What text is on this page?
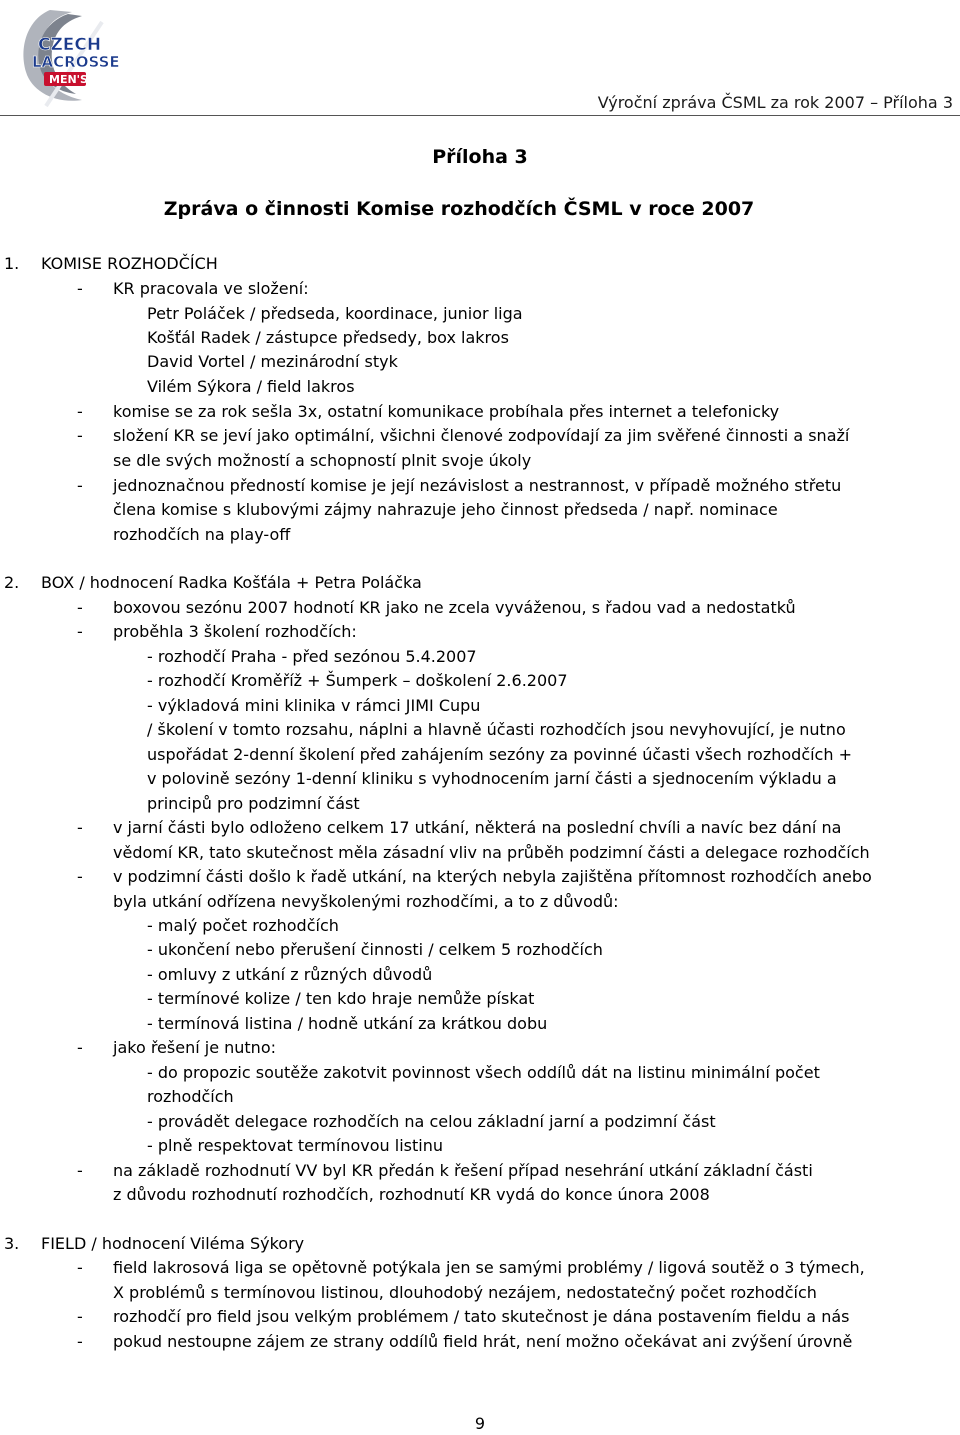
CZECH
LACROSSE
MEN'S
Výroční zpráva ČSML za rok 2007 – Příloha 3
Příloha 3
Zpráva o činnosti Komise rozhodčích ČSML v roce 2007
1. KOMISE ROZHODČÍCH
- KR pracovala ve složení:
Petr Poláček / předseda, koordinace, junior liga
Košťál Radek / zástupce předsedy, box lakros
David Vortel / mezinárodní styk
Vilém Sýkora / field lakros
- komise se za rok sešla 3x, ostatní komunikace probíhala přes internet a telefonicky
- složení KR se jeví jako optimální, všichni členové zodpovídají za jim svěřené činnosti a snaží
se dle svých možností a schopností plnit svoje úkoly
- jednoznačnou předností komise je její nezávislost a nestrannost, v případě možného střetu
člena komise s klubovými zájmy nahrazuje jeho činnost předseda / např. nominace
rozhodčích na play-off
2. BOX / hodnocení Radka Košťála + Petra Poláčka
- boxovou sezónu 2007 hodnotí KR jako ne zcela vyváženou, s řadou vad a nedostatků
- proběhla 3 školení rozhodčích:
- rozhodčí Praha - před sezónou 5.4.2007
- rozhodčí Kroměříž + Šumperk – doškolení 2.6.2007
- výkladová mini klinika v rámci JIMI Cupu
/ školení v tomto rozsahu, náplni a hlavně účasti rozhodčích jsou nevyhovující, je nutno
uspořádat 2-denní školení před zahájením sezóny za povinné účasti všech rozhodčích +
v polovině sezóny 1-denní kliniku s vyhodnocením jarní části a sjednocením výkladu a
principů pro podzimní část
- v jarní části bylo odloženo celkem 17 utkání, některá na poslední chvíli a navíc bez dání na
vědomí KR, tato skutečnost měla zásadní vliv na průběh podzimní části a delegace rozhodčích
- v podzimní části došlo k řadě utkání, na kterých nebyla zajištěna přítomnost rozhodčích anebo
byla utkání odřízena nevyškolenými rozhodčími, a to z důvodů:
- malý počet rozhodčích
- ukončení nebo přerušení činnosti / celkem 5 rozhodčích
- omluvy z utkání z různých důvodů
- termínové kolize / ten kdo hraje nemůže pískat
- termínová listina / hodně utkání za krátkou dobu
- jako řešení je nutno:
- do propozic soutěže zakotvit povinnost všech oddílů dát na listinu minimální počet
rozhodčích
- provádět delegace rozhodčích na celou základní jarní a podzimní část
- plně respektovat termínovou listinu
- na základě rozhodnutí VV byl KR předán k řešení případ nesehrání utkání základní části
z důvodu rozhodnutí rozhodčích, rozhodnutí KR vydá do konce února 2008
3. FIELD / hodnocení Viléma Sýkory
- field lakrosová liga se opětovně potýkala jen se samými problémy / ligová soutěž o 3 týmech,
X problémů s termínovou listinou, dlouhodobý nezájem, nedostatečný počet rozhodčích
- rozhodčí pro field jsou velkým problémem / tato skutečnost je dána postavením fieldu a nás
- pokud nestoupne zájem ze strany oddílů field hrát, není možno očekávat ani zvýšení úrovně
9
